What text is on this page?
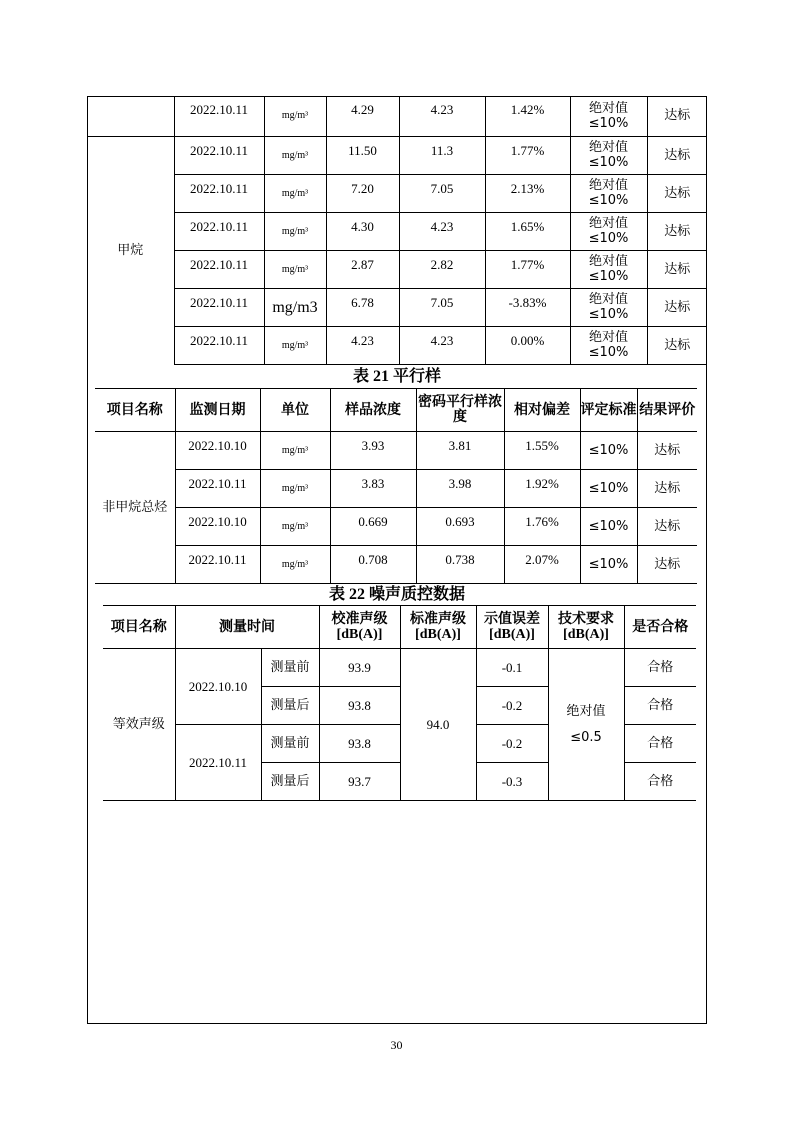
	2022.10.11	mg/m³	4.29	4.23	1.42%	绝对值≤10%	达标
甲烷	2022.10.11	mg/m³	11.50	11.3	1.77%	绝对值≤10%	达标
	2022.10.11	mg/m³	7.20	7.05	2.13%	绝对值≤10%	达标
	2022.10.11	mg/m³	4.30	4.23	1.65%	绝对值≤10%	达标
	2022.10.11	mg/m³	2.87	2.82	1.77%	绝对值≤10%	达标
	2022.10.11	mg/m3	6.78	7.05	-3.83%	绝对值≤10%	达标
	2022.10.11	mg/m³	4.23	4.23	0.00%	绝对值≤10%	达标
表 21 平行样
项目名称	监测日期	单位	样品浓度	密码平行样浓度	相对偏差	评定标准	结果评价
非甲烷总烃	2022.10.10	mg/m³	3.93	3.81	1.55%	≤10%	达标
	2022.10.11	mg/m³	3.83	3.98	1.92%	≤10%	达标
	2022.10.10	mg/m³	0.669	0.693	1.76%	≤10%	达标
	2022.10.11	mg/m³	0.708	0.738	2.07%	≤10%	达标
表 22 噪声质控数据
项目名称	测量时间		校准声级[dB(A)]	标准声级[dB(A)]	示值误差[dB(A)]	技术要求[dB(A)]	是否合格
等效声级	2022.10.10	测量前	93.9	94.0	-0.1	绝对值≤0.5	合格
		测量后	93.8		-0.2		合格
	2022.10.11	测量前	93.8		-0.2		合格
		测量后	93.7		-0.3		合格
30
